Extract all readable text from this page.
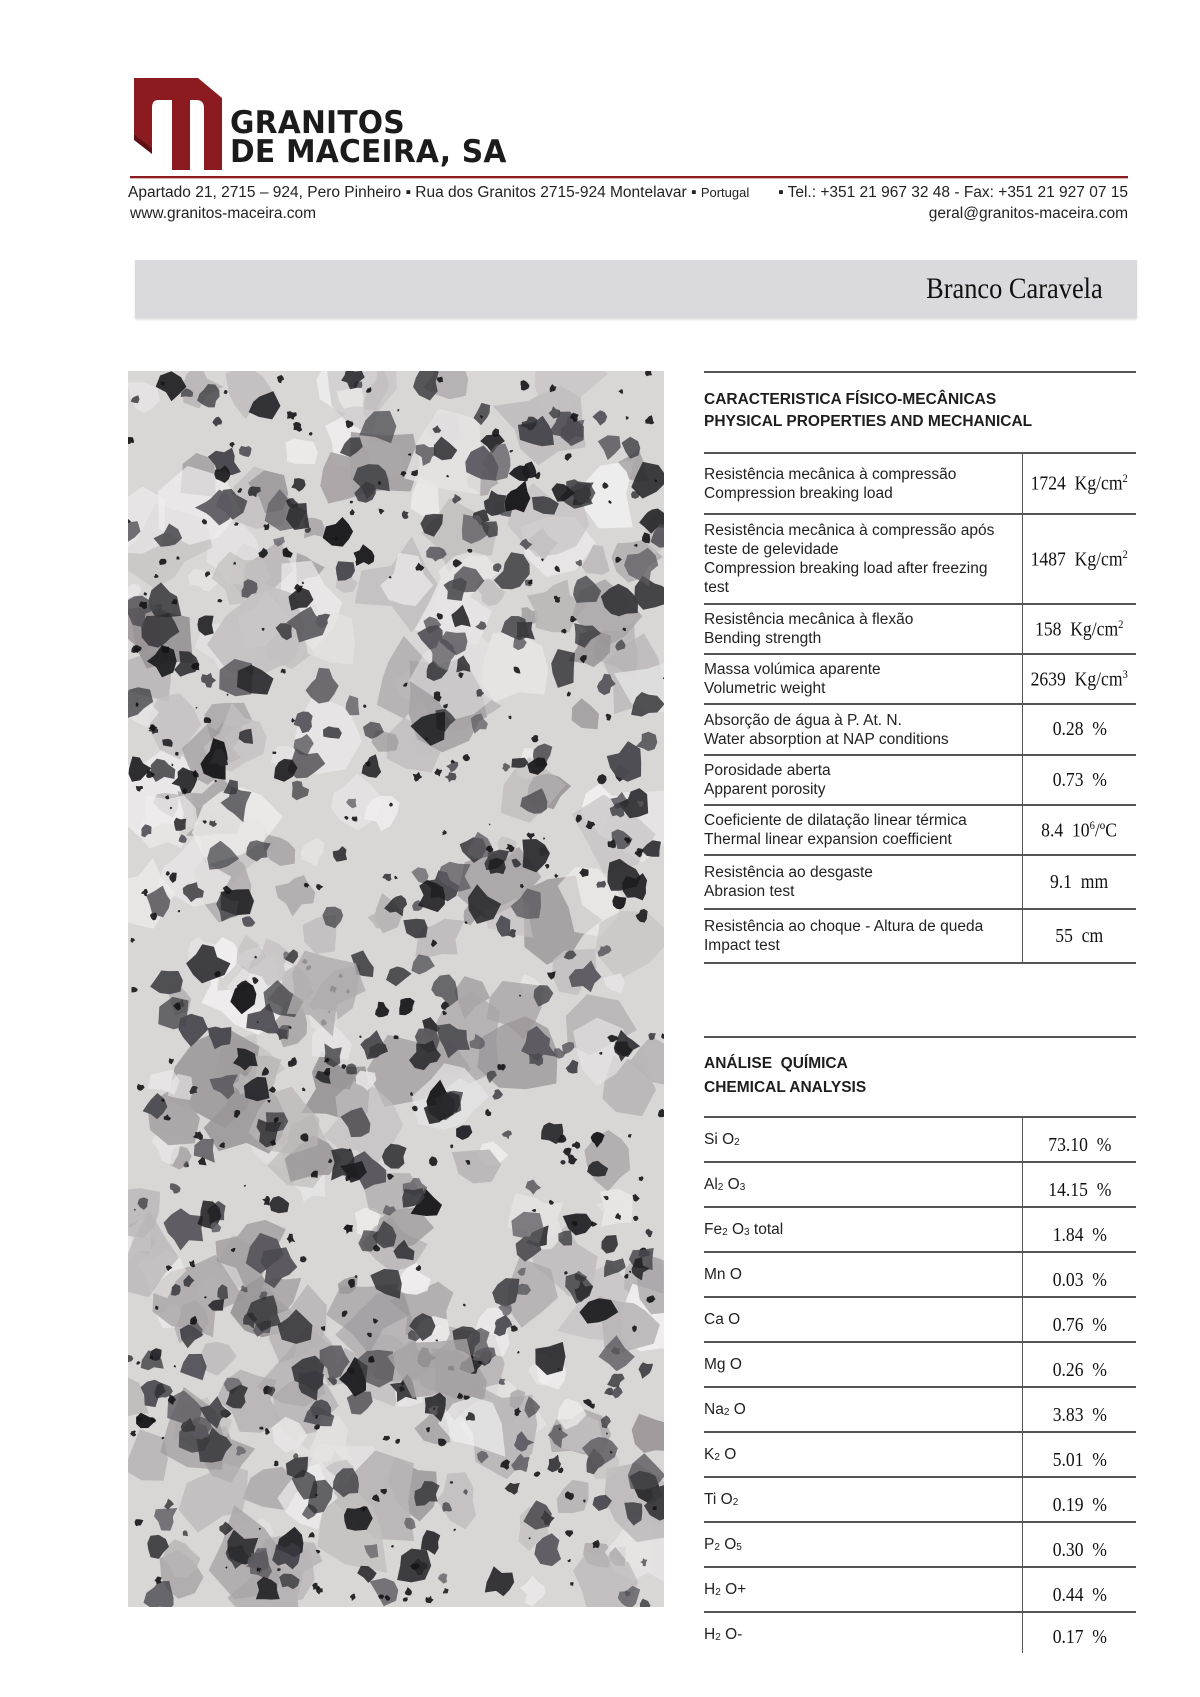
GRANITOS
DE MACEIRA, SA
Apartado 21, 2715 – 924, Pero Pinheiro ▪ Rua dos Granitos 2715-924 Montelavar ▪ Portugal ▪ Tel.: +351 21 967 32 48 - Fax: +351 21 927 07 15
www.granitos-maceira.com	geral@granitos-maceira.com
Branco Caravela
CARACTERISTICA FÍSICO-MECÂNICAS
PHYSICAL PROPERTIES AND MECHANICAL
Resistência mecânica à compressão
Compression breaking load	1724 $Kg/cm^2$
Resistência mecânica à compressão após teste de gelevidade
Compression breaking load after freezing test
1487 $Kg/cm^2$
Resistência mecânica à flexão
Bending strength	158 $Kg/cm^2$
Massa volúmica aparente
Volumetric weight	2639 $Kg/cm^3$
Absorção de água à P. At. N.
Water absorption at NAP conditions	0.28 %
Porosidade aberta
Apparent porosity	0.73 %
Coeficiente de dilatação linear térmica
Thermal linear expansion coefficient	8.4 $10^6/ºC$
Resistência ao desgaste
Abrasion test	9.1 mm
Resistência ao choque - Altura de queda
Impact test	55 cm
ANÁLISE  QUÍMICA
CHEMICAL ANALYSIS
Si O2	73.10 %
Al2 O3	14.15 %
Fe2 O3 total	1.84 %
Mn O	0.03 %
Ca O	0.76 %
Mg O	0.26 %
Na2 O	3.83 %
K2 O	5.01 %
Ti O2	0.19 %
P2 O5	0.30 %
H2 O+	0.44 %
H2 O-	0.17 %
